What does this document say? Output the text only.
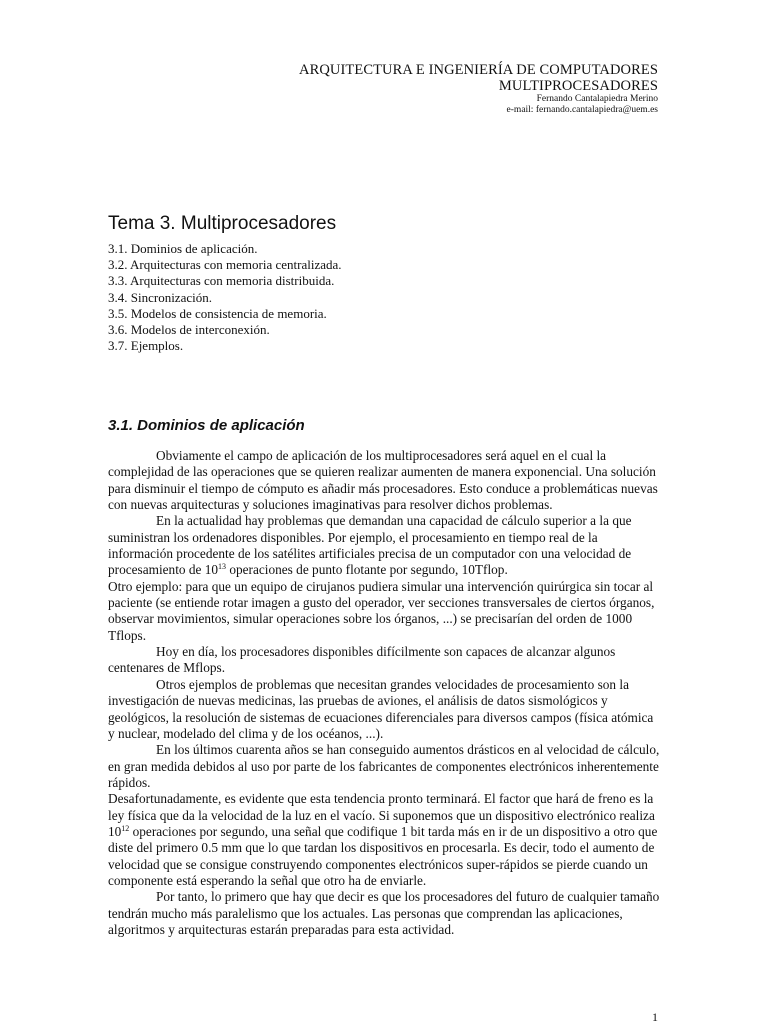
ARQUITECTURA E INGENIERÍA DE COMPUTADORES
MULTIPROCESADORES
Fernando Cantalapiedra Merino
e-mail: fernando.cantalapiedra@uem.es
Tema 3. Multiprocesadores
3.1. Dominios de aplicación.
3.2. Arquitecturas con memoria centralizada.
3.3. Arquitecturas con memoria distribuida.
3.4. Sincronización.
3.5. Modelos de consistencia de memoria.
3.6. Modelos de interconexión.
3.7. Ejemplos.
3.1. Dominios de aplicación

Obviamente el campo de aplicación de los multiprocesadores será aquel en el cual la complejidad de las operaciones que se quieren realizar aumenten de manera exponencial. Una solución para disminuir el tiempo de cómputo es añadir más procesadores. Esto conduce a problemáticas nuevas con nuevas arquitecturas y soluciones imaginativas para resolver dichos problemas.

En la actualidad hay problemas que demandan una capacidad de cálculo superior a la que suministran los ordenadores disponibles. Por ejemplo, el procesamiento en tiempo real de la información procedente de los satélites artificiales precisa de un computador con una velocidad de procesamiento de $10^{13}$ operaciones de punto flotante por segundo, 10Tflop.

Otro ejemplo: para que un equipo de cirujanos pudiera simular una intervención quirúrgica sin tocar al paciente (se entiende rotar imagen a gusto del operador, ver secciones transversales de ciertos órganos, observar movimientos, simular operaciones sobre los órganos, ...) se precisarían del orden de 1000 Tflops.

Hoy en día, los procesadores disponibles difícilmente son capaces de alcanzar algunos centenares de Mflops.

Otros ejemplos de problemas que necesitan grandes velocidades de procesamiento son la investigación de nuevas medicinas, las pruebas de aviones, el análisis de datos sismológicos y geológicos, la resolución de sistemas de ecuaciones diferenciales para diversos campos (física atómica y nuclear, modelado del clima y de los océanos, ...).

En los últimos cuarenta años se han conseguido aumentos drásticos en al velocidad de cálculo, en gran medida debidos al uso por parte de los fabricantes de componentes electrónicos inherentemente rápidos.

Desafortunadamente, es evidente que esta tendencia pronto terminará. El factor que hará de freno es la ley física que da la velocidad de la luz en el vacío. Si suponemos que un dispositivo electrónico realiza $10^{12}$ operaciones por segundo, una señal que codifique 1 bit tarda más en ir de un dispositivo a otro que diste del primero 0.5 mm que lo que tardan los dispositivos en procesarla. Es decir, todo el aumento de velocidad que se consigue construyendo componentes electrónicos super-rápidos se pierde cuando un componente está esperando la señal que otro ha de enviarle.

Por tanto, lo primero que hay que decir es que los procesadores del futuro de cualquier tamaño tendrán mucho más paralelismo que los actuales. Las personas que comprendan las aplicaciones, algoritmos y arquitecturas estarán preparadas para esta actividad.

1
